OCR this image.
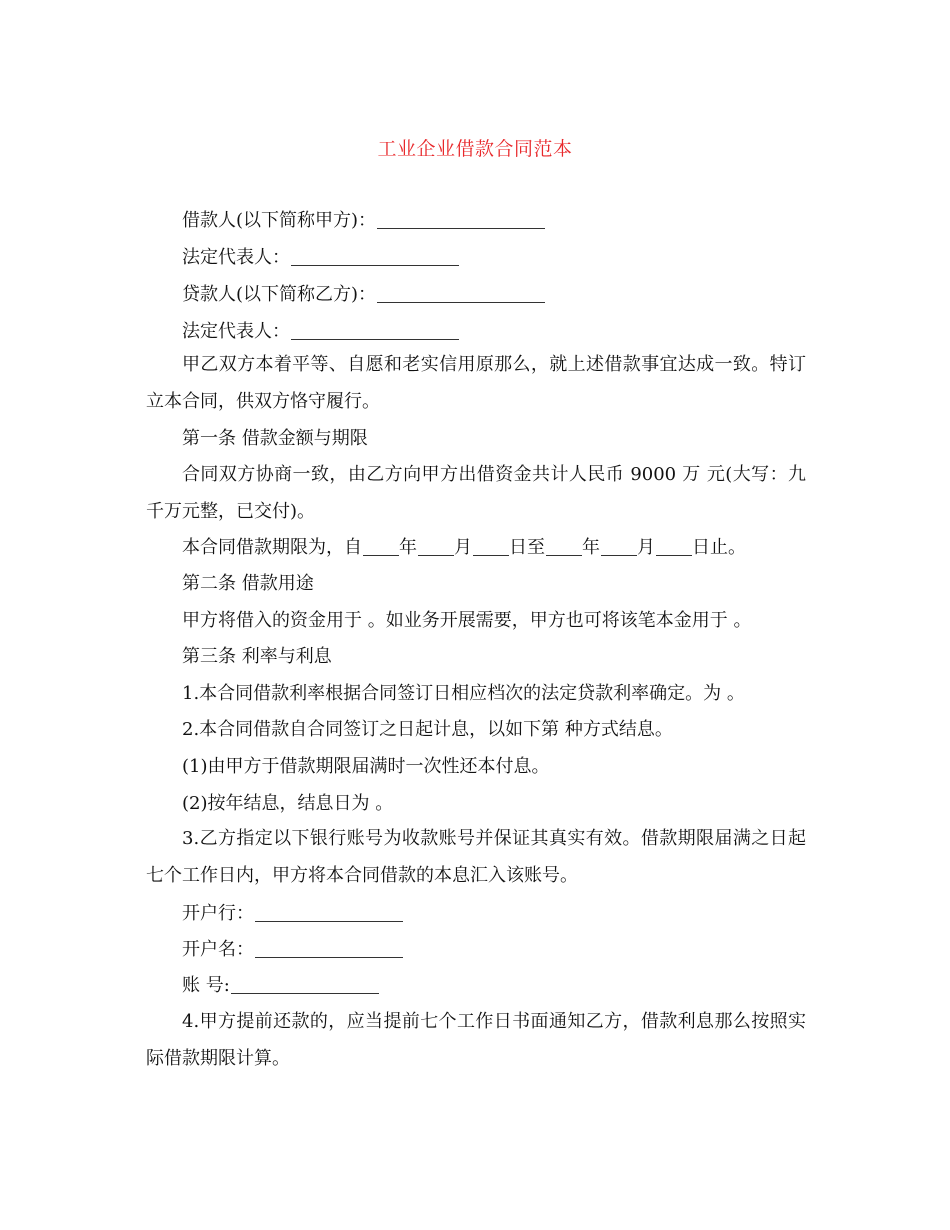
工业企业借款合同范本
借款人(以下简称甲方)：
法定代表人：
贷款人(以下简称乙方)：
法定代表人：
甲乙双方本着平等、自愿和老实信用原那么，就上述借款事宜达成一致。特订立本合同，供双方恪守履行。
第一条 借款金额与期限
合同双方协商一致，由乙方向甲方出借资金共计人民币 9000 万 元(大写：九千万元整，已交付)。
本合同借款期限为，自 年 月 日至 年 月 日止。
第二条 借款用途
甲方将借入的资金用于 。如业务开展需要，甲方也可将该笔本金用于 。
第三条 利率与利息
1.本合同借款利率根据合同签订日相应档次的法定贷款利率确定。为 。
2.本合同借款自合同签订之日起计息，以如下第 种方式结息。
(1)由甲方于借款期限届满时一次性还本付息。
(2)按年结息，结息日为 。
3.乙方指定以下银行账号为收款账号并保证其真实有效。借款期限届满之日起七个工作日内，甲方将本合同借款的本息汇入该账号。
开户行：
开户名：
账 号:
4.甲方提前还款的，应当提前七个工作日书面通知乙方，借款利息那么按照实际借款期限计算。
